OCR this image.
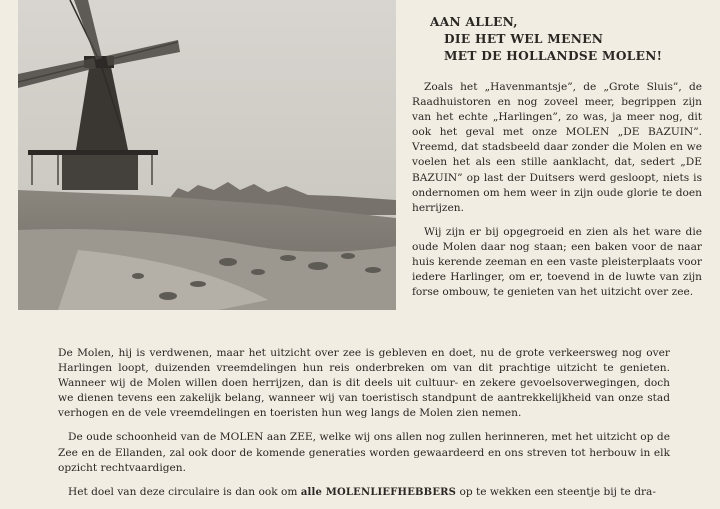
AAN ALLEN,
DIE HET WEL MENEN
MET DE HOLLANDSE MOLEN!

Zoals het „Havenmantsje”, de „Grote Sluis”, de Raadhuistoren en nog zoveel meer, begrippen zijn van het echte „Harlingen”, zo was, ja meer nog, dit ook het geval met onze MOLEN „DE BAZUIN”. Vreemd, dat stadsbeeld daar zonder die Molen en we voelen het als een stille aanklacht, dat, sedert „DE BAZUIN” op last der Duitsers werd gesloopt, niets is ondernomen om hem weer in zijn oude glorie te doen herrijzen.

Wij zijn er bij opgegroeid en zien als het ware die oude Molen daar nog staan; een baken voor de naar huis kerende zeeman en een vaste pleisterplaats voor iedere Harlinger, om er, toevend in de luwte van zijn forse ombouw, te genieten van het uitzicht over zee.

De Molen, hij is verdwenen, maar het uitzicht over zee is gebleven en doet, nu de grote verkeersweg nog over Harlingen loopt, duizenden vreemdelingen hun reis onderbreken om van dit prachtige uitzicht te genieten. Wanneer wij de Molen willen doen herrijzen, dan is dit deels uit cultuur- en zekere gevoelsoverwegingen, doch we dienen tevens een zakelijk belang, wanneer wij van toeristisch standpunt de aantrekkelijkheid van onze stad verhogen en de vele vreemdelingen en toeristen hun weg langs de Molen zien nemen.

De oude schoonheid van de MOLEN aan ZEE, welke wij ons allen nog zullen herinneren, met het uitzicht op de Zee en de Ellanden, zal ook door de komende generaties worden gewaardeerd en ons streven tot herbouw in elk opzicht rechtvaardigen.

Het doel van deze circulaire is dan ook om alle MOLENLIEFHEBBERS op te wekken een steentje bij te dra-
